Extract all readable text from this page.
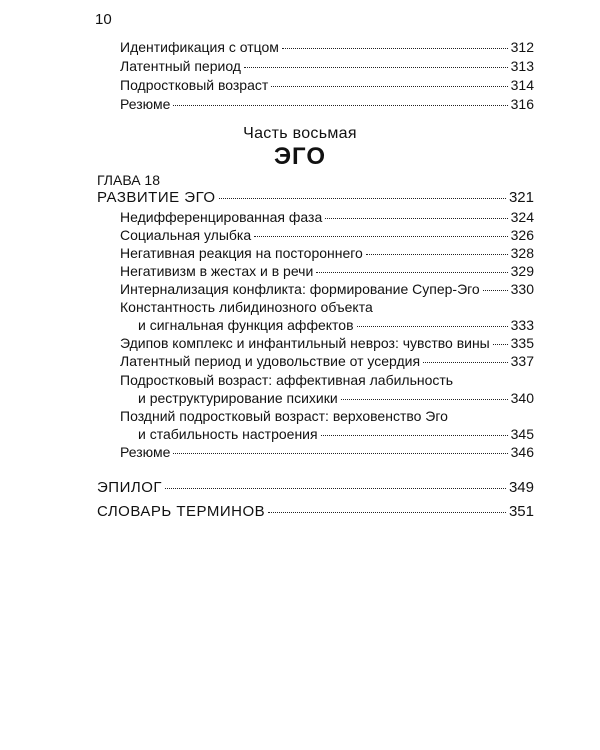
10
Идентификация с отцом	312
Латентный период	313
Подростковый возраст	314
Резюме	316
Часть восьмая
ЭГО
ГЛАВА 18
РАЗВИТИЕ ЭГО	321
Недифференцированная фаза	324
Социальная улыбка	326
Негативная реакция на постороннего	328
Негативизм в жестах и в речи	329
Интернализация конфликта: формирование Супер-Эго 330
Константность либидинозного объекта
и сигнальная функция аффектов	333
Эдипов комплекс и инфантильный невроз: чувство вины 335
Латентный период и удовольствие от усердия	337
Подростковый возраст: аффективная лабильность
и реструктурирование психики	340
Поздний подростковый возраст: верховенство Эго
и стабильность настроения	345
Резюме	346
ЭПИЛОГ	349
СЛОВАРЬ ТЕРМИНОВ	351
